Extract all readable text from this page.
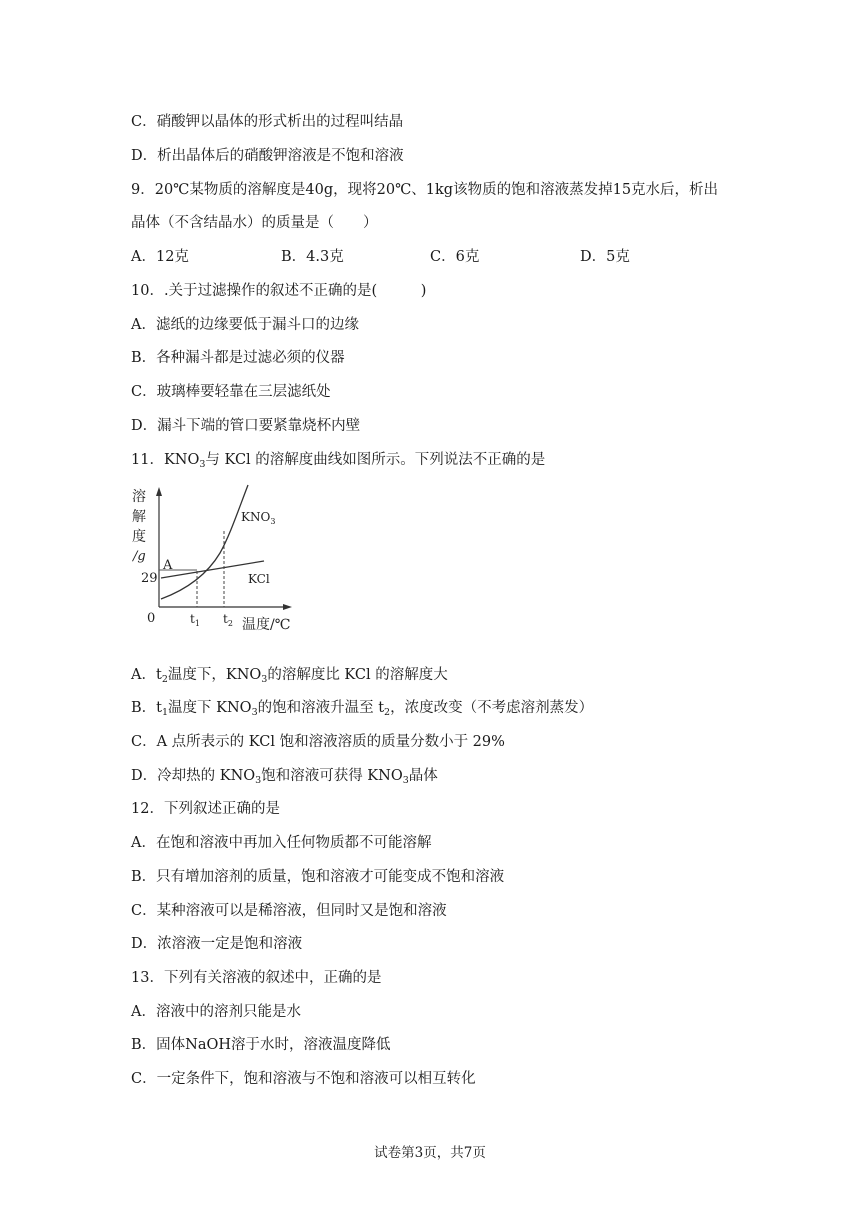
C．硝酸钾以晶体的形式析出的过程叫结晶
D．析出晶体后的硝酸钾溶液是不饱和溶液
9．20℃某物质的溶解度是40g，现将20℃、1kg该物质的饱和溶液蒸发掉15克水后，析出
晶体（不含结晶水）的质量是（　　）
A．12克	B．4.3克	C．6克	D．5克
10．.关于过滤操作的叙述不正确的是(　　　)
A．滤纸的边缘要低于漏斗口的边缘
B．各种漏斗都是过滤必须的仪器
C．玻璃棒要轻靠在三层滤纸处
D．漏斗下端的管口要紧靠烧杯内壁
11．$KNO_3$与 KCl 的溶解度曲线如图所示。下列说法不正确的是
溶
解
度
/g
0
29
A
$t_1$ $t_2$ 温度/℃
$KNO_3$
KCl
A．$t_2$温度下，$KNO_3$的溶解度比 KCl 的溶解度大
B．$t_1$温度下 $KNO_3$的饱和溶液升温至 $t_2$，浓度改变（不考虑溶剂蒸发）
C．A 点所表示的 KCl 饱和溶液溶质的质量分数小于 29%
D．冷却热的 $KNO_3$饱和溶液可获得 $KNO_3$晶体
12．下列叙述正确的是
A．在饱和溶液中再加入任何物质都不可能溶解
B．只有增加溶剂的质量，饱和溶液才可能变成不饱和溶液
C．某种溶液可以是稀溶液，但同时又是饱和溶液
D．浓溶液一定是饱和溶液
13．下列有关溶液的叙述中，正确的是
A．溶液中的溶剂只能是水
B．固体NaOH溶于水时，溶液温度降低
C．一定条件下，饱和溶液与不饱和溶液可以相互转化
试卷第3页，共7页
